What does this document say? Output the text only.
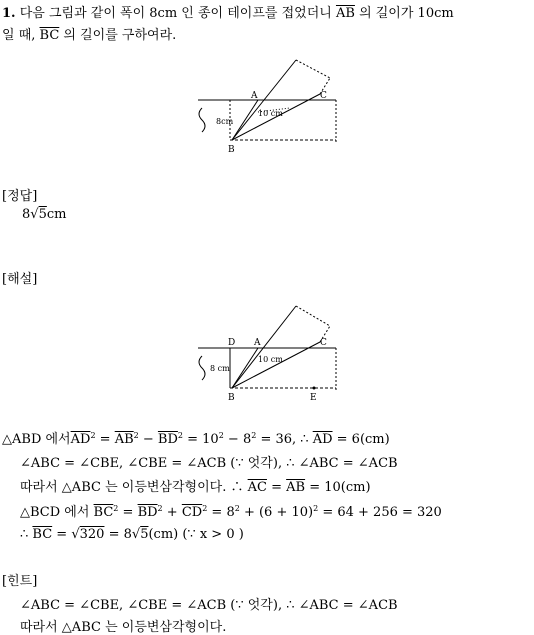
1. 다음 그림과 같이 폭이 8cm 인 종이 테이프를 접었더니 $\overline{AB}$ 의 길이가 10cm
일 때, $\overline{BC}$ 의 길이를 구하여라.
A	C
B
8cm
10 cm
[정답]
8√5cm
[해설]
D A	C
B
8 cm
10 cm
E
△ABD 에서$\overline{AD}^2 = \overline{AB}^2 - \overline{BD}^2 = 10^2 - 8^2 = 36$, ∴ $\overline{AD} = 6(cm)$
∠ABC = ∠CBE, ∠CBE = ∠ACB (∵ 엇각), ∴ ∠ABC = ∠ACB
따라서 △ABC 는 이등변삼각형이다. ∴ $\overline{AC} = \overline{AB} = 10(cm)$
△BCD 에서 $\overline{BC}^2 = \overline{BD}^2 + \overline{CD}^2 = 8^2 + (6 + 10)^2 = 64 + 256 = 320$
∴ $\overline{BC} = √320 = 8√5(cm)$ (∵ x > 0 )
[힌트]
∠ABC = ∠CBE, ∠CBE = ∠ACB (∵ 엇각), ∴ ∠ABC = ∠ACB
따라서 △ABC 는 이등변삼각형이다.
